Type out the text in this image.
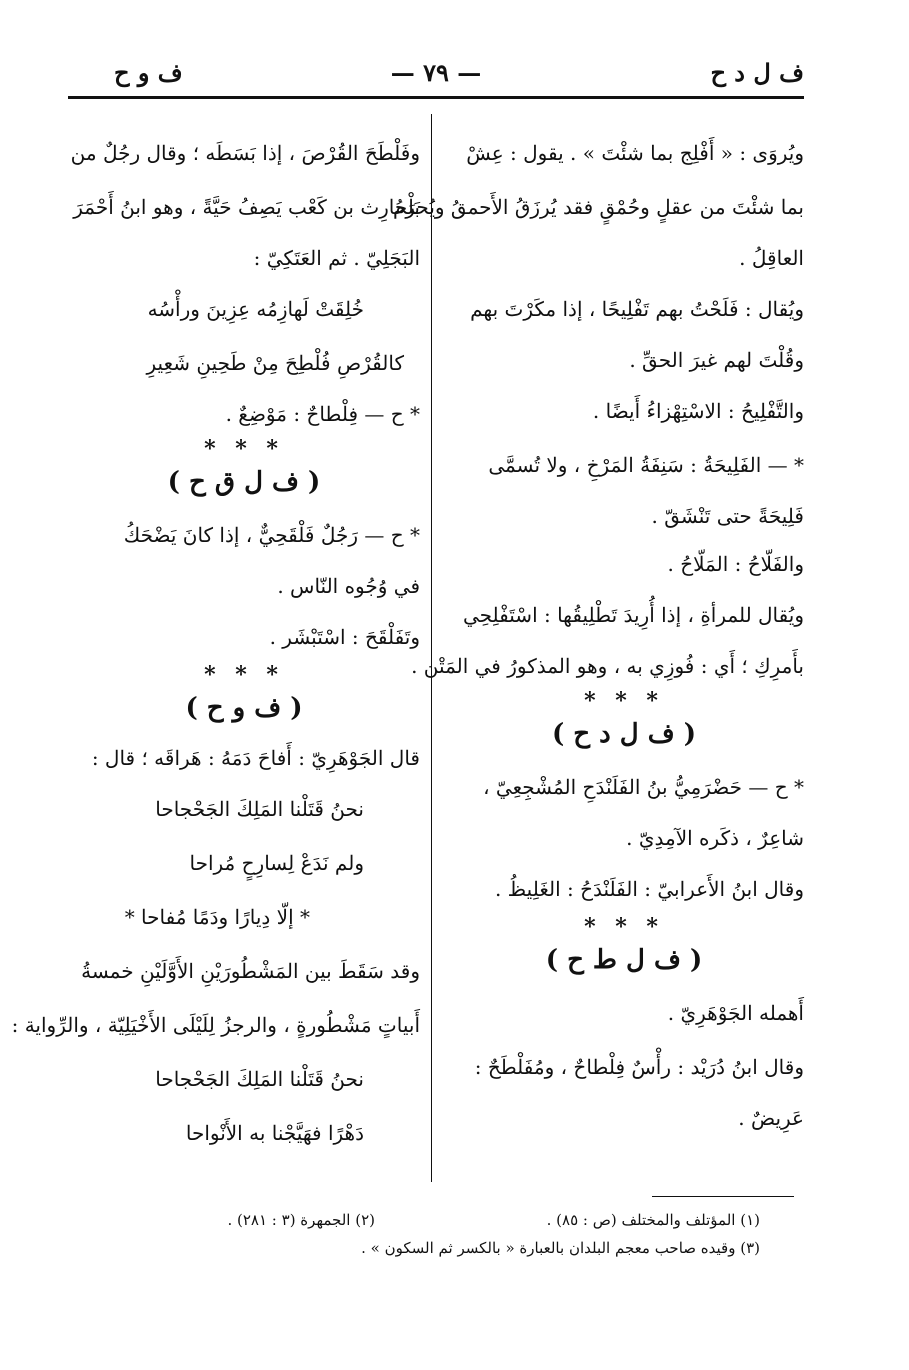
ف و ح	— ٧٩ —	ف ل د ح
ويُروَى : « أَفْلِج بما شئْتَ » . يقول : عِشْ
بما شئْتَ من عقلٍ وحُمْقٍ فقد يُرزَقُ الأَحمقُ ويُحرَمُ
العاقِلُ .
ويُقال : فَلَحْتُ بهم تَفْلِيحًا ، إذا مكَرْتَ بهم
وقُلْتَ لهم غيرَ الحقِّ .
والتَّفْلِيحُ : الاسْتِهْزاءُ أَيضًا .
* — الفَلِيحَةُ : سَنِفَةُ المَرْخِ ، ولا تُسمَّى
فَلِيحَةً حتى تَنْشَقّ .
والفَلّاحُ : المَلّاحُ .
ويُقال للمرأةِ ، إذا أُرِيدَ تَطْلِيقُها : اسْتَفْلِحِي
بأَمرِكِ ؛ أَي : فُوزِي به ، وهو المذكورُ في المَتْن .
* * *
( ف ل د ح )
* ح — حَضْرَمِيُّ بنُ الفَلَنْدَحِ المُشْجِعِيّ ،
شاعِرٌ ، ذكَره الآمِدِيّ .
وقال ابنُ الأَعرابيّ : الفَلَنْدَحُ : الغَلِيظُ .
* * *
( ف ل ط ح )
أَهمله الجَوْهَرِيّ .
وقال ابنُ دُرَيْد : رأْسٌ فِلْطاحٌ ، ومُفَلْطَحٌ :
عَرِيضٌ .
وفَلْطَحَ القُرْصَ ، إذا بَسَطَه ؛ وقال رجُلٌ من
بَلْحارِث بن كَعْب يَصِفُ حَيَّةً ، وهو ابنُ أَحْمَرَ
البَجَلِيّ . ثم العَتَكِيّ :
خُلِقَتْ لَهازِمُه عِزِينَ ورأْسُه
كالقُرْصِ فُلْطِحَ مِنْ طَحِينِ شَعِيرِ
* ح — فِلْطاحٌ : مَوْضِعٌ .
* * *
( ف ل ق ح )
* ح — رَجُلٌ فَلْقَحِيٌّ ، إذا كانَ يَضْحَكُ
في وُجُوه النّاس .
وتَفَلْقَحَ : اسْتَبْشَر .
* * *
( ف و ح )
قال الجَوْهَرِيّ : أَفاحَ دَمَهُ : هَراقَه ؛ قال :
نحنُ قَتَلْنا المَلِكَ الجَحْجاحا
ولم نَدَعْ لِسارِحٍ مُراحا
* إلّا دِيارًا ودَمًا مُفاحا *
وقد سَقَطَ بين المَشْطُورَيْنِ الأَوَّلَيْنِ خمسةُ
أَبياتٍ مَشْطُورةٍ ، والرجزُ لِلَيْلَى الأَخْيَلِيّة ، والرِّواية :
نحنُ قَتَلْنا المَلِكَ الجَحْجاحا
دَهْرًا فهَيَّجْنا به الأَنْواحا
(١) المؤتلف والمختلف (ص : ٨٥) .
(٢) الجمهرة (٣ : ٢٨١) .
(٣) وقيده صاحب معجم البلدان بالعبارة « بالكسر ثم السكون » .
